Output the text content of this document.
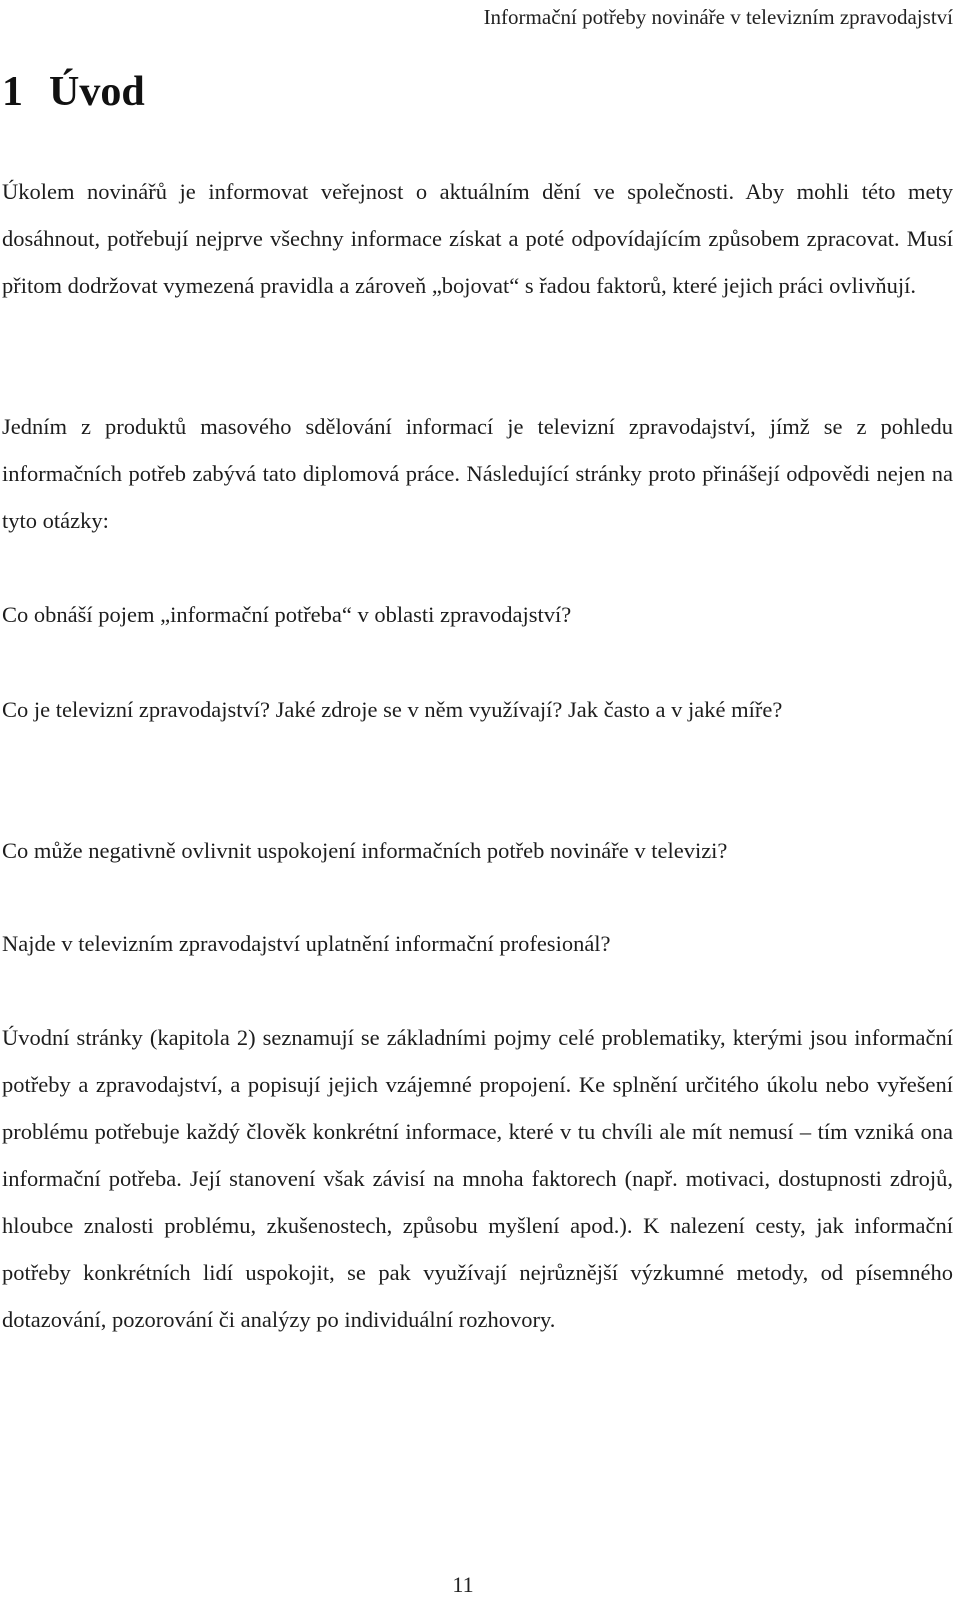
Informační potřeby novináře v televizním zpravodajství
1 Úvod

Úkolem novinářů je informovat veřejnost o aktuálním dění ve společnosti. Aby mohli této mety dosáhnout, potřebují nejprve všechny informace získat a poté odpovídajícím způsobem zpracovat. Musí přitom dodržovat vymezená pravidla a zároveň „bojovat“ s řadou faktorů, které jejich práci ovlivňují.

Jedním z produktů masového sdělování informací je televizní zpravodajství, jímž se z pohledu informačních potřeb zabývá tato diplomová práce. Následující stránky proto přinášejí odpovědi nejen na tyto otázky:

Co obnáší pojem „informační potřeba“ v oblasti zpravodajství?

Co je televizní zpravodajství? Jaké zdroje se v něm využívají? Jak často a v jaké míře?

Co může negativně ovlivnit uspokojení informačních potřeb novináře v televizi?

Najde v televizním zpravodajství uplatnění informační profesionál?

Úvodní stránky (kapitola 2) seznamují se základními pojmy celé problematiky, kterými jsou informační potřeby a zpravodajství, a popisují jejich vzájemné propojení. Ke splnění určitého úkolu nebo vyřešení problému potřebuje každý člověk konkrétní informace, které v tu chvíli ale mít nemusí – tím vzniká ona informační potřeba. Její stanovení však závisí na mnoha faktorech (např. motivaci, dostupnosti zdrojů, hloubce znalosti problému, zkušenostech, způsobu myšlení apod.). K nalezení cesty, jak informační potřeby konkrétních lidí uspokojit, se pak využívají nejrůznější výzkumné metody, od písemného dotazování, pozorování či analýzy po individuální rozhovory.

11
